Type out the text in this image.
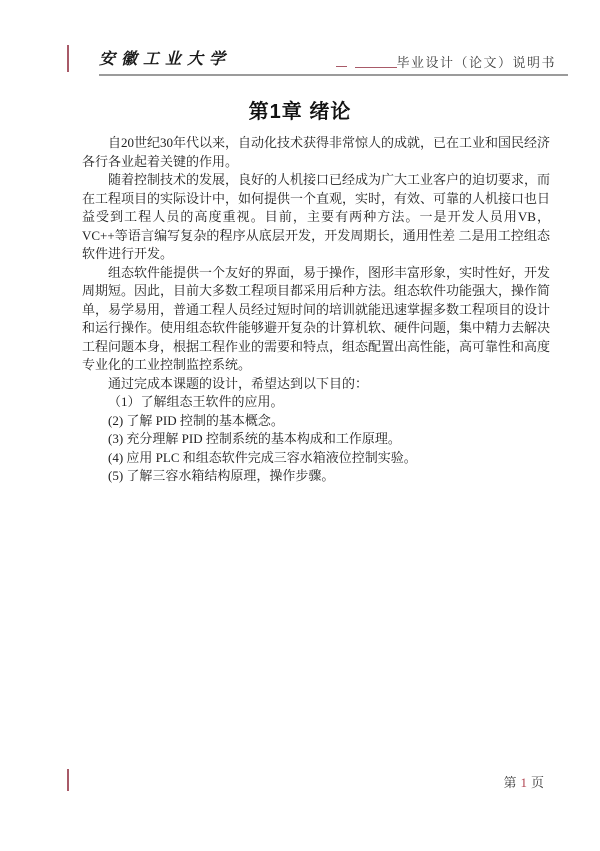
安徽工业大学	毕业设计（论文）说明书
第1章 绪论

自20世纪30年代以来，自动化技术获得非常惊人的成就，已在工业和国民经济各行各业起着关键的作用。

随着控制技术的发展，良好的人机接口已经成为广大工业客户的迫切要求，而在工程项目的实际设计中，如何提供一个直观，实时，有效、可靠的人机接口也日益受到工程人员的高度重视。目前，主要有两种方法。一是开发人员用VB，VC++等语言编写复杂的程序从底层开发，开发周期长，通用性差 二是用工控组态软件进行开发。

组态软件能提供一个友好的界面，易于操作，图形丰富形象，实时性好，开发周期短。因此，目前大多数工程项目都采用后种方法。组态软件功能强大，操作简单，易学易用，普通工程人员经过短时间的培训就能迅速掌握多数工程项目的设计和运行操作。使用组态软件能够避开复杂的计算机软、硬件问题，集中精力去解决工程问题本身，根据工程作业的需要和特点，组态配置出高性能，高可靠性和高度专业化的工业控制监控系统。

通过完成本课题的设计，希望达到以下目的：

（1）了解组态王软件的应用。

(2) 了解 PID 控制的基本概念。

(3) 充分理解 PID 控制系统的基本构成和工作原理。

(4) 应用 PLC 和组态软件完成三容水箱液位控制实验。

(5) 了解三容水箱结构原理，操作步骤。

第 1 页
